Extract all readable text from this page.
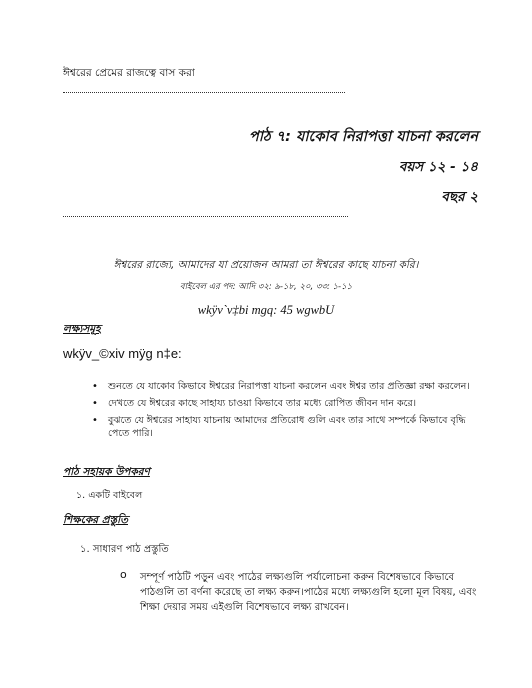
ঈশ্বরের প্রেমের রাজত্বে বাস করা

পাঠ ৭: যাকোব নিরাপত্তা যাচনা করলেন

বয়স ১২ - ১৪

বছর ২

ঈশ্বরের রাজ্যে, আমাদের যা প্রয়োজন আমরা তা ঈশ্বরের কাছে যাচনা করি।

বাইবেল এর পদ: আদি ৩২: ৯-১৮, ২০, ৩৩: ১-১১

wkÿv`v‡bi mgq: 45 wgwbU

লক্ষ্যসমূহ

wkÿv_©xiv mÿg n‡e:

• শুনতে যে যাকোব কিভাবে ঈশ্বরের নিরাপত্তা যাচনা করলেন এবং ঈশ্বর তার প্রতিজ্ঞা রক্ষা করলেন।
• দেখতে যে ঈশ্বরের কাছে সাহায্য চাওয়া কিভাবে তার মধ্যে রোপিত জীবন দান করে।
• বুঝতে যে ঈশ্বরের সাহায্য যাচনায় আমাদের প্রতিরোধ গুলি এবং তার সাথে সম্পর্কে কিভাবে বৃদ্ধি পেতে পারি।

পাঠ সহায়ক উপকরণ

১. একটি বাইবেল

শিক্ষকের প্রস্তুতি

১. সাধারণ পাঠ প্রস্তুতি

o সম্পূর্ণ পাঠটি পড়ুন এবং পাঠের লক্ষ্যগুলি পর্যালোচনা করুন বিশেষভাবে কিভাবে পাঠগুলি তা বর্ণনা করেছে তা লক্ষ্য করুন।পাঠের মধ্যে লক্ষ্যগুলি হলো মূল বিষয়, এবং শিক্ষা দেয়ার সময় এইগুলি বিশেষভাবে লক্ষ্য রাখবেন।
